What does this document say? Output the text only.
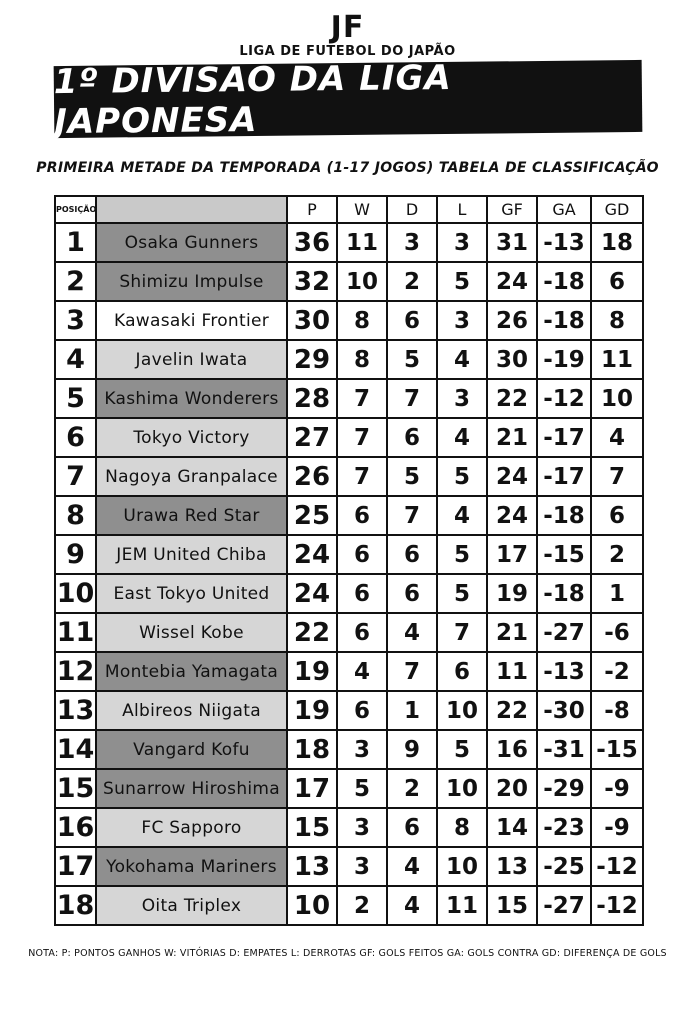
JF
LIGA DE FUTEBOL DO JAPÃO
1º DIVISÃO DA LIGA JAPONESA
PRIMEIRA METADE DA TEMPORADA (1-17 JOGOS) TABELA DE CLASSIFICAÇÃO
POSIÇÃO		P	W	D	L	GF	GA	GD
1	Osaka Gunners	36	11	3	3	31	-13	18
2	Shimizu Impulse	32	10	2	5	24	-18	6
3	Kawasaki Frontier	30	8	6	3	26	-18	8
4	Javelin Iwata	29	8	5	4	30	-19	11
5	Kashima Wonderers	28	7	7	3	22	-12	10
6	Tokyo Victory	27	7	6	4	21	-17	4
7	Nagoya Granpalace	26	7	5	5	24	-17	7
8	Urawa Red Star	25	6	7	4	24	-18	6
9	JEM United Chiba	24	6	6	5	17	-15	2
10	East Tokyo United	24	6	6	5	19	-18	1
11	Wissel Kobe	22	6	4	7	21	-27	-6
12	Montebia Yamagata	19	4	7	6	11	-13	-2
13	Albireos Niigata	19	6	1	10	22	-30	-8
14	Vangard Kofu	18	3	9	5	16	-31	-15
15	Sunarrow Hiroshima	17	5	2	10	20	-29	-9
16	FC Sapporo	15	3	6	8	14	-23	-9
17	Yokohama Mariners	13	3	4	10	13	-25	-12
18	Oita Triplex	10	2	4	11	15	-27	-12
NOTA: P: PONTOS GANHOS W: VITÓRIAS D: EMPATES L: DERROTAS GF: GOLS FEITOS GA: GOLS CONTRA GD: DIFERENÇA DE GOLS
